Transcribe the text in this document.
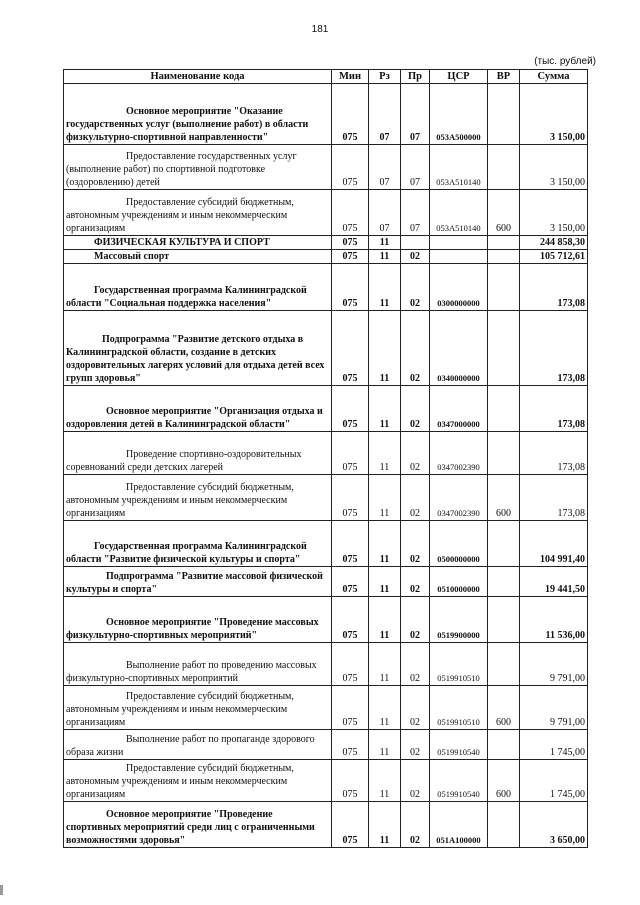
181
(тыс. рублей)
Наименование кода	Мин	Рз	Пр	ЦСР	ВР	Сумма
Основное мероприятие "Оказание государственных услуг (выполнение работ) в области физкультурно-спортивной направленности"	075	07	07	053А500000		3 150,00
Предоставление государственных услуг (выполнение работ) по спортивной подготовке (оздоровлению) детей	075	07	07	053А510140		3 150,00
Предоставление субсидий бюджетным, автономным учреждениям и иным некоммерческим организациям	075	07	07	053А510140	600	3 150,00
ФИЗИЧЕСКАЯ КУЛЬТУРА И СПОРТ	075	11				244 858,30
Массовый спорт	075	11	02			105 712,61
Государственная программа Калининградской области "Социальная поддержка населения"	075	11	02	0300000000		173,08
Подпрограмма "Развитие детского отдыха в Калининградской области, создание в детских оздоровительных лагерях условий для отдыха детей всех групп здоровья"	075	11	02	0340000000		173,08
Основное мероприятие "Организация отдыха и оздоровления детей в Калининградской области"	075	11	02	0347000000		173,08
Проведение спортивно-оздоровительных соревнований среди детских лагерей	075	11	02	0347002390		173,08
Предоставление субсидий бюджетным, автономным учреждениям и иным некоммерческим организациям	075	11	02	0347002390	600	173,08
Государственная программа Калининградской области "Развитие физической культуры и спорта"	075	11	02	0500000000		104 991,40
Подпрограмма "Развитие массовой физической культуры и спорта"	075	11	02	0510000000		19 441,50
Основное мероприятие "Проведение массовых физкультурно-спортивных мероприятий"	075	11	02	0519900000		11 536,00
Выполнение работ по проведению массовых физкультурно-спортивных мероприятий	075	11	02	0519910510		9 791,00
Предоставление субсидий бюджетным, автономным учреждениям и иным некоммерческим организациям	075	11	02	0519910510	600	9 791,00
Выполнение работ по пропаганде здорового образа жизни	075	11	02	0519910540		1 745,00
Предоставление субсидий бюджетным, автономным учреждениям и иным некоммерческим организациям	075	11	02	0519910540	600	1 745,00
Основное мероприятие "Проведение спортивных мероприятий среди лиц с ограниченными возможностями здоровья"	075	11	02	051А100000		3 650,00
